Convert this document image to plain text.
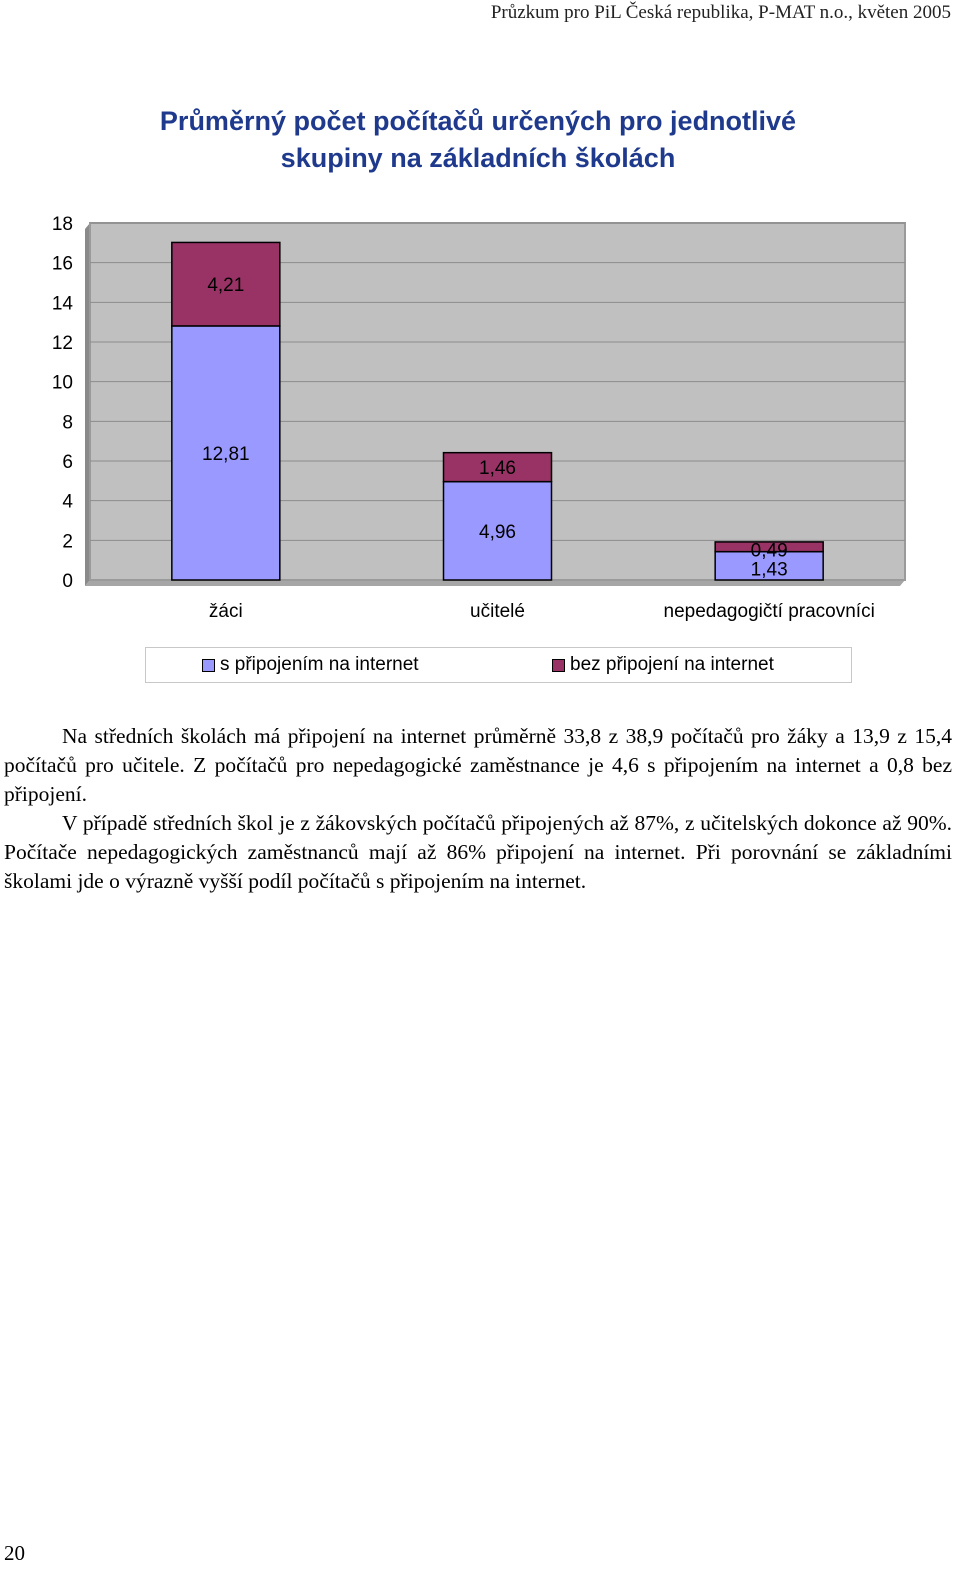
Průzkum pro PiL Česká republika, P-MAT n.o., květen 2005
Průměrný počet počítačů určených pro jednotlivé
skupiny na základních školách
0
2
4
6
8
10
12
14
16
18
12,81
4,21
žáci
4,96
1,46
učitelé
1,43
0,49
nepedagogičtí pracovníci
s připojením na internet	bez připojení na internet

Na středních školách má připojení na internet průměrně 33,8 z 38,9 počítačů pro žáky a 13,9 z 15,4 počítačů pro učitele. Z počítačů pro nepedagogické zaměstnance je 4,6 s připojením na internet a 0,8 bez připojení.

V případě středních škol je z žákovských počítačů připojených až 87%, z učitelských dokonce až 90%. Počítače nepedagogických zaměstnanců mají až 86% připojení na internet. Při porovnání se základními školami jde o výrazně vyšší podíl počítačů s připojením na internet.

20
